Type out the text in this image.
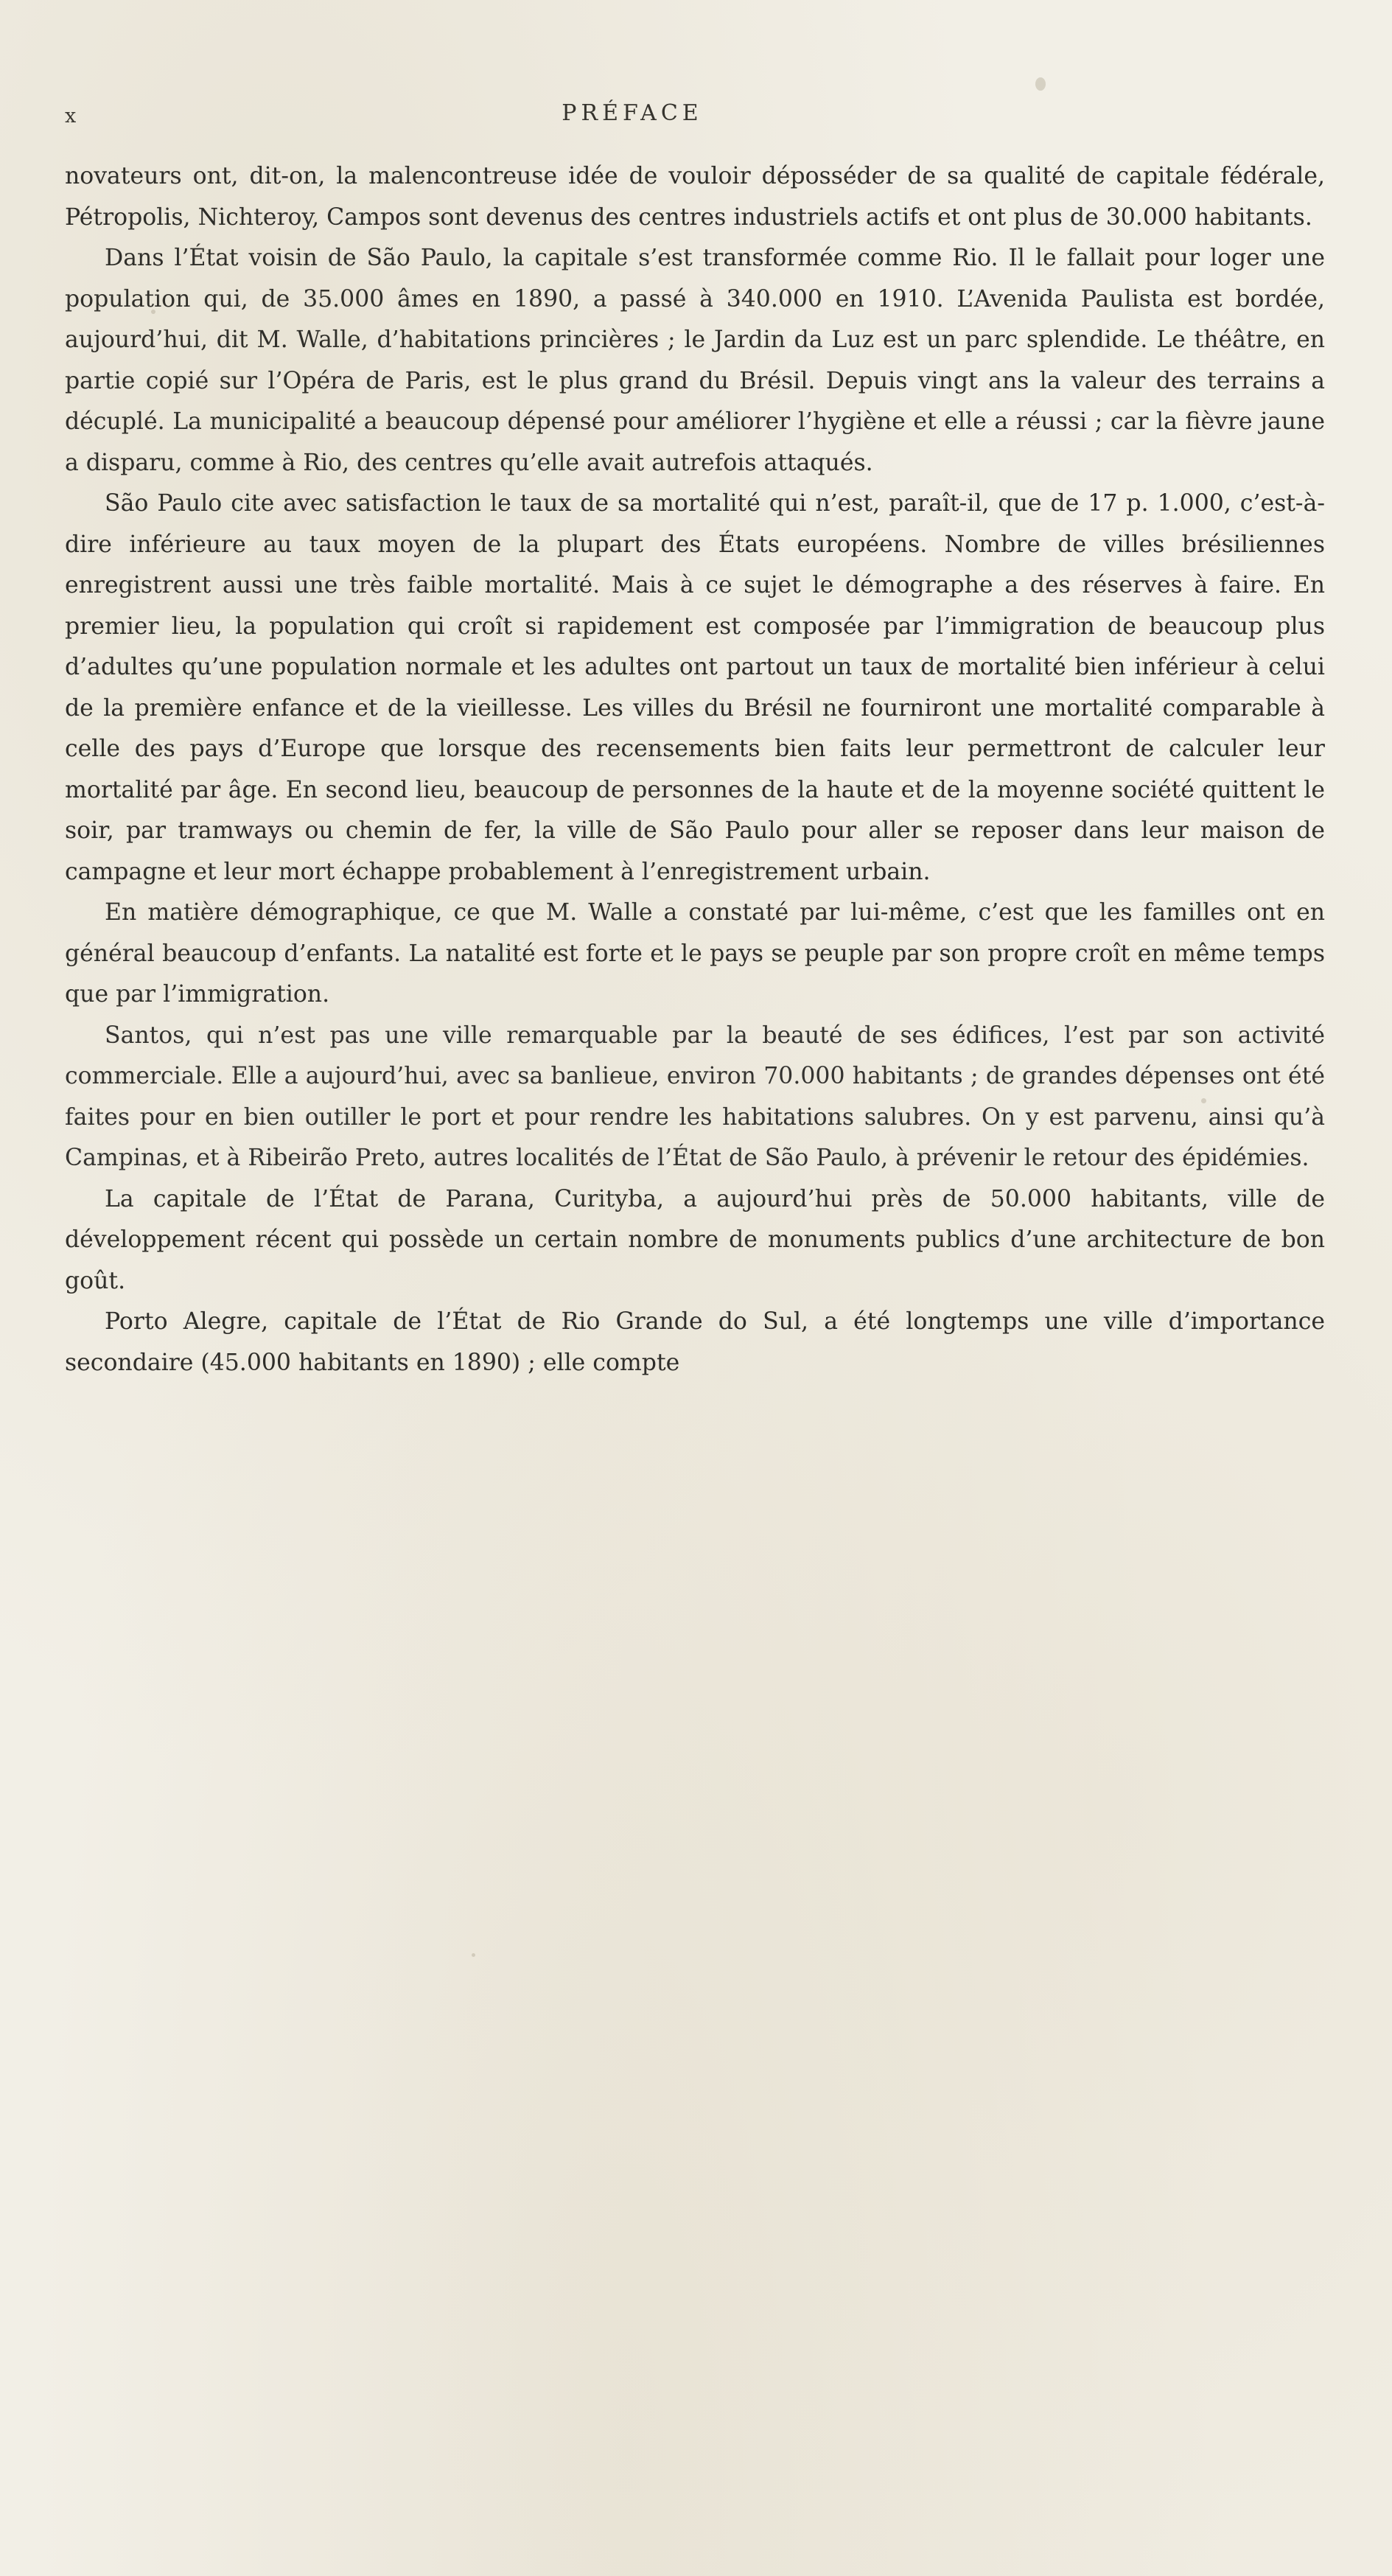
x	PRÉFACE

novateurs ont, dit-on, la malencontreuse idée de vouloir déposséder de sa qualité de capitale fédérale, Pétropolis, Nichteroy, Campos sont devenus des centres industriels actifs et ont plus de 30.000 habitants.

Dans l’État voisin de São Paulo, la capitale s’est transformée comme Rio. Il le fallait pour loger une population qui, de 35.000 âmes en 1890, a passé à 340.000 en 1910. L’Avenida Paulista est bordée, aujourd’hui, dit M. Walle, d’habitations princières ; le Jardin da Luz est un parc splendide. Le théâtre, en partie copié sur l’Opéra de Paris, est le plus grand du Brésil. Depuis vingt ans la valeur des terrains a décuplé. La municipalité a beaucoup dépensé pour améliorer l’hygiène et elle a réussi ; car la fièvre jaune a disparu, comme à Rio, des centres qu’elle avait autrefois attaqués.

São Paulo cite avec satisfaction le taux de sa mortalité qui n’est, paraît-il, que de 17 p. 1.000, c’est-à-dire inférieure au taux moyen de la plupart des États européens. Nombre de villes brésiliennes enregistrent aussi une très faible mortalité. Mais à ce sujet le démographe a des réserves à faire. En premier lieu, la population qui croît si rapidement est composée par l’immigration de beaucoup plus d’adultes qu’une population normale et les adultes ont partout un taux de mortalité bien inférieur à celui de la première enfance et de la vieillesse. Les villes du Brésil ne fourniront une mortalité comparable à celle des pays d’Europe que lorsque des recensements bien faits leur permettront de calculer leur mortalité par âge. En second lieu, beaucoup de personnes de la haute et de la moyenne société quittent le soir, par tramways ou chemin de fer, la ville de São Paulo pour aller se reposer dans leur maison de campagne et leur mort échappe probablement à l’enregistrement urbain.

En matière démographique, ce que M. Walle a constaté par lui-même, c’est que les familles ont en général beaucoup d’enfants. La natalité est forte et le pays se peuple par son propre croît en même temps que par l’immigration.

Santos, qui n’est pas une ville remarquable par la beauté de ses édifices, l’est par son activité commerciale. Elle a aujourd’hui, avec sa banlieue, environ 70.000 habitants ; de grandes dépenses ont été faites pour en bien outiller le port et pour rendre les habitations salubres. On y est parvenu, ainsi qu’à Campinas, et à Ribeirão Preto, autres localités de l’État de São Paulo, à prévenir le retour des épidémies.

La capitale de l’État de Parana, Curityba, a aujourd’hui près de 50.000 habitants, ville de développement récent qui possède un certain nombre de monuments publics d’une architecture de bon goût.

Porto Alegre, capitale de l’État de Rio Grande do Sul, a été longtemps une ville d’importance secondaire (45.000 habitants en 1890) ; elle compte
